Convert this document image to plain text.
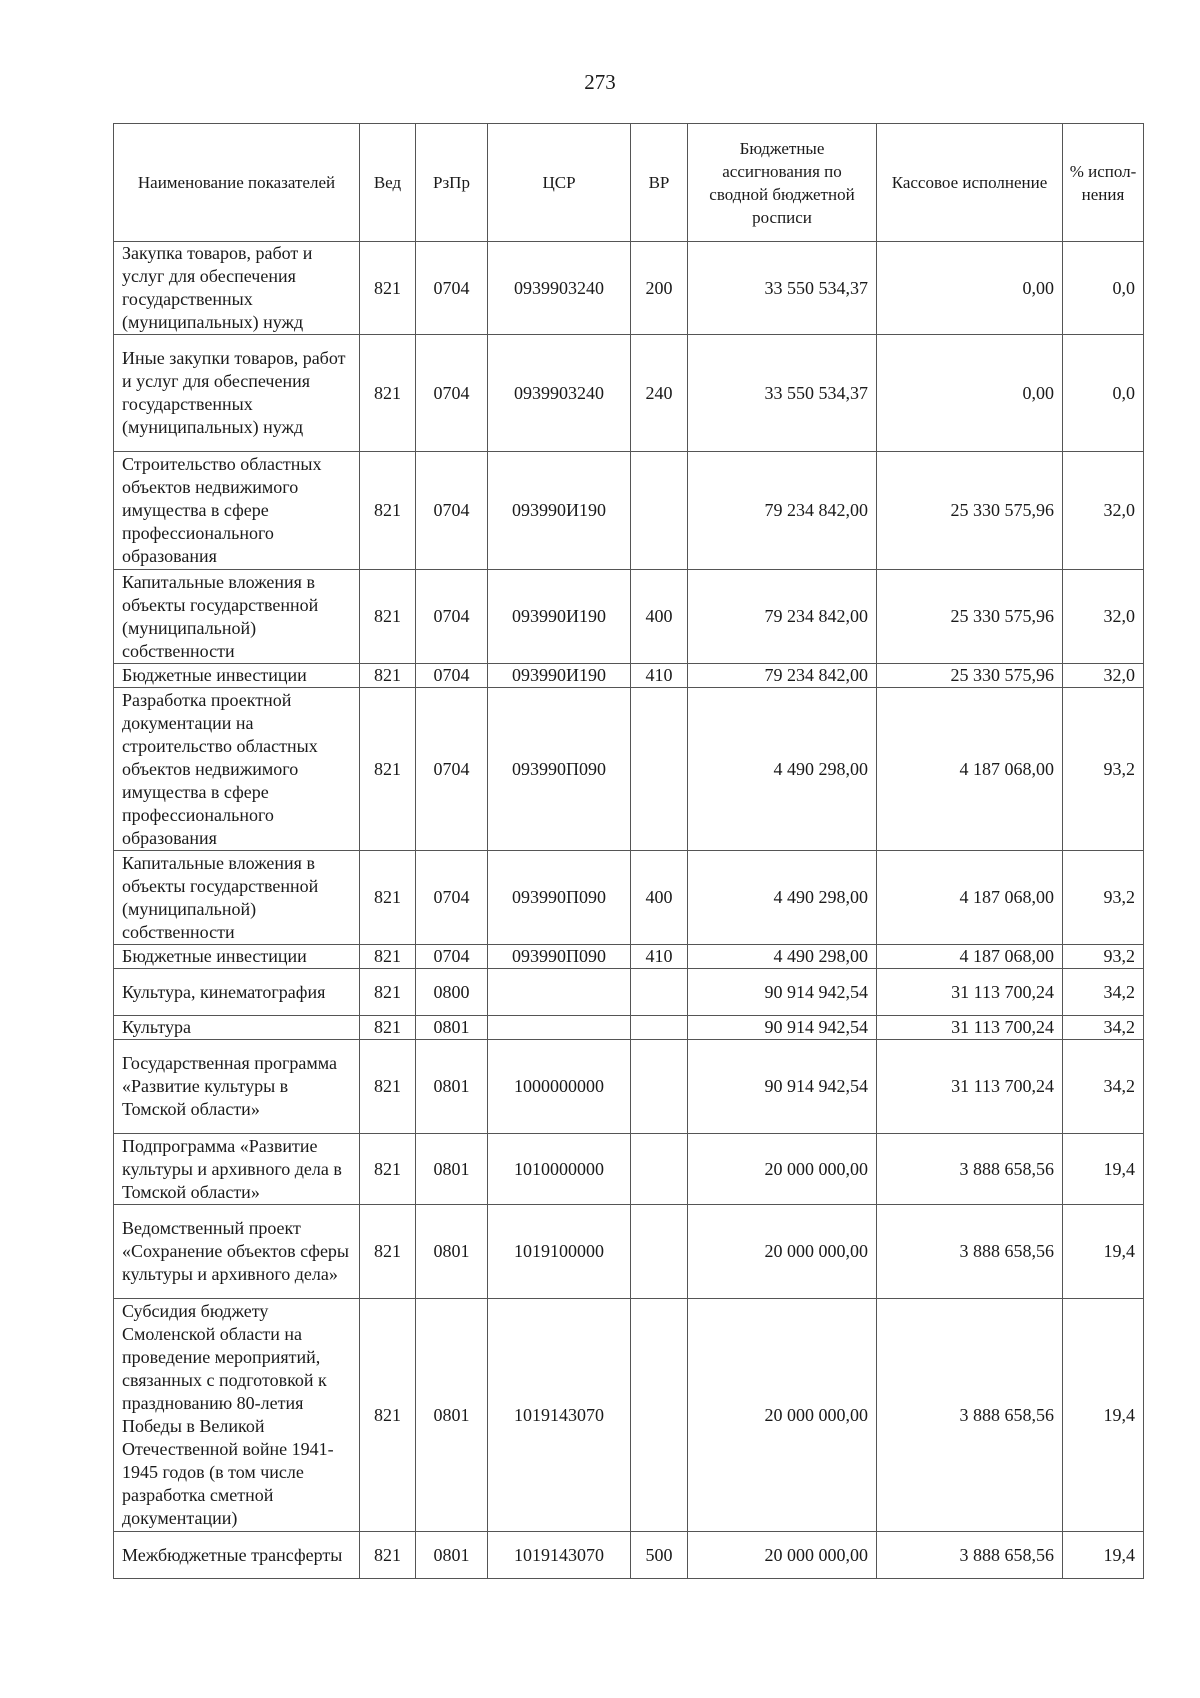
273
Наименование показателей	Вед	РзПр	ЦСР	ВР	Бюджетные ассигнования по сводной бюджетной росписи	Кассовое исполнение	% испол-нения
Закупка товаров, работ и услуг для обеспечения государственных (муниципальных) нужд	821	0704	0939903240	200	33 550 534,37	0,00	0,0
Иные закупки товаров, работ и услуг для обеспечения государственных (муниципальных) нужд	821	0704	0939903240	240	33 550 534,37	0,00	0,0
Строительство областных объектов недвижимого имущества в сфере профессионального образования	821	0704	093990И190		79 234 842,00	25 330 575,96	32,0
Капитальные вложения в объекты государственной (муниципальной) собственности	821	0704	093990И190	400	79 234 842,00	25 330 575,96	32,0
Бюджетные инвестиции	821	0704	093990И190	410	79 234 842,00	25 330 575,96	32,0
Разработка проектной документации на строительство областных объектов недвижимого имущества в сфере профессионального образования	821	0704	093990П090		4 490 298,00	4 187 068,00	93,2
Капитальные вложения в объекты государственной (муниципальной) собственности	821	0704	093990П090	400	4 490 298,00	4 187 068,00	93,2
Бюджетные инвестиции	821	0704	093990П090	410	4 490 298,00	4 187 068,00	93,2
Культура, кинематография	821	0800			90 914 942,54	31 113 700,24	34,2
Культура	821	0801			90 914 942,54	31 113 700,24	34,2
Государственная программа «Развитие культуры в Томской области»	821	0801	1000000000		90 914 942,54	31 113 700,24	34,2
Подпрограмма «Развитие культуры и архивного дела в Томской области»	821	0801	1010000000		20 000 000,00	3 888 658,56	19,4
Ведомственный проект «Сохранение объектов сферы культуры и архивного дела»	821	0801	1019100000		20 000 000,00	3 888 658,56	19,4
Субсидия бюджету Смоленской области на проведение мероприятий, связанных с подготовкой к празднованию 80-летия Победы в Великой Отечественной войне 1941-1945 годов (в том числе разработка сметной документации)	821	0801	1019143070		20 000 000,00	3 888 658,56	19,4
Межбюджетные трансферты	821	0801	1019143070	500	20 000 000,00	3 888 658,56	19,4
